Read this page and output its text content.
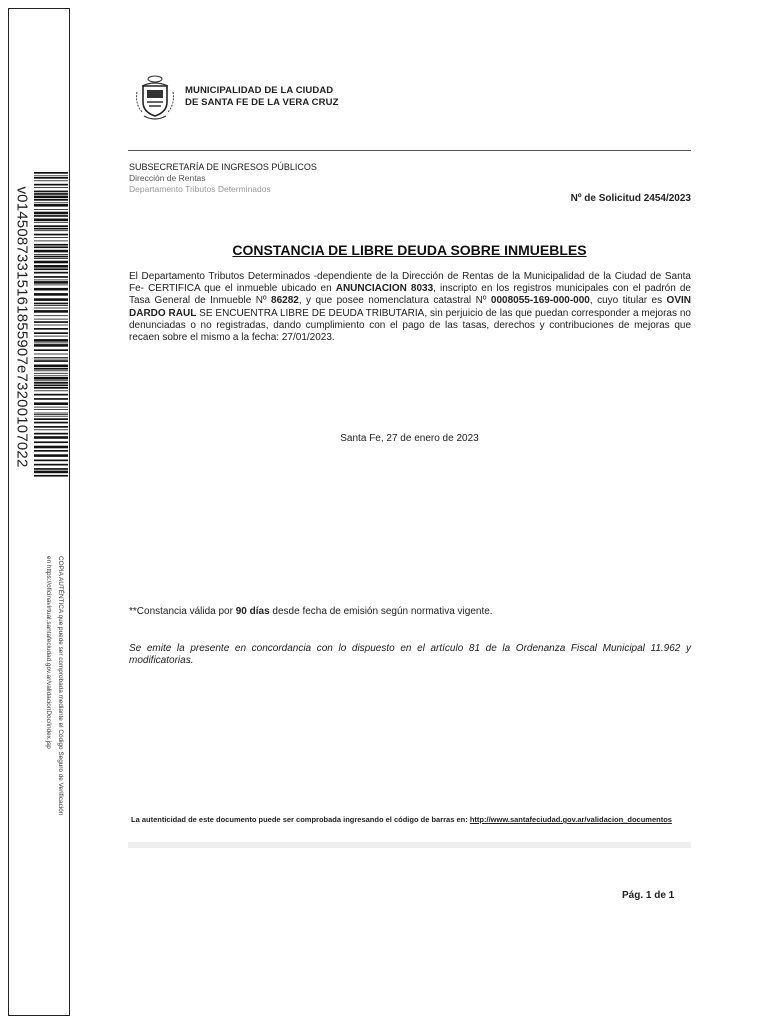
v01450873315161855907e73200107022
COPIA AUTÉNTICA que puede ser comprobada mediante el Código Seguro de Verificación en https://oficinavirtual.santafeciudad.gov.ar/validacionDoc/index.jsp
MUNICIPALIDAD DE LA CIUDAD
DE SANTA FE DE LA VERA CRUZ
SUBSECRETARÍA DE INGRESOS PÚBLICOS
Dirección de Rentas
Departamento Tributos Determinados
Nº de Solicitud 2454/2023
CONSTANCIA DE LIBRE DEUDA SOBRE INMUEBLES
El Departamento Tributos Determinados -dependiente de la Dirección de Rentas de la Municipalidad de la Ciudad de Santa Fe- CERTIFICA que el inmueble ubicado en ANUNCIACION 8033, inscripto en los registros municipales con el padrón de Tasa General de Inmueble Nº 86282, y que posee nomenclatura catastral Nº 0008055-169-000-000, cuyo titular es OVIN DARDO RAUL SE ENCUENTRA LIBRE DE DEUDA TRIBUTARIA, sin perjuicio de las que puedan corresponder a mejoras no denunciadas o no registradas, dando cumplimiento con el pago de las tasas, derechos y contribuciones de mejoras que recaen sobre el mismo a la fecha: 27/01/2023.
Santa Fe, 27 de enero de 2023
**Constancia válida por 90 días desde fecha de emisión según normativa vigente.
Se emite la presente en concordancia con lo dispuesto en el artículo 81 de la Ordenanza Fiscal Municipal 11.962 y modificatorias.
La autenticidad de este documento puede ser comprobada ingresando el código de barras en: http://www.santafeciudad.gov.ar/validacion_documentos
Pág. 1 de 1
